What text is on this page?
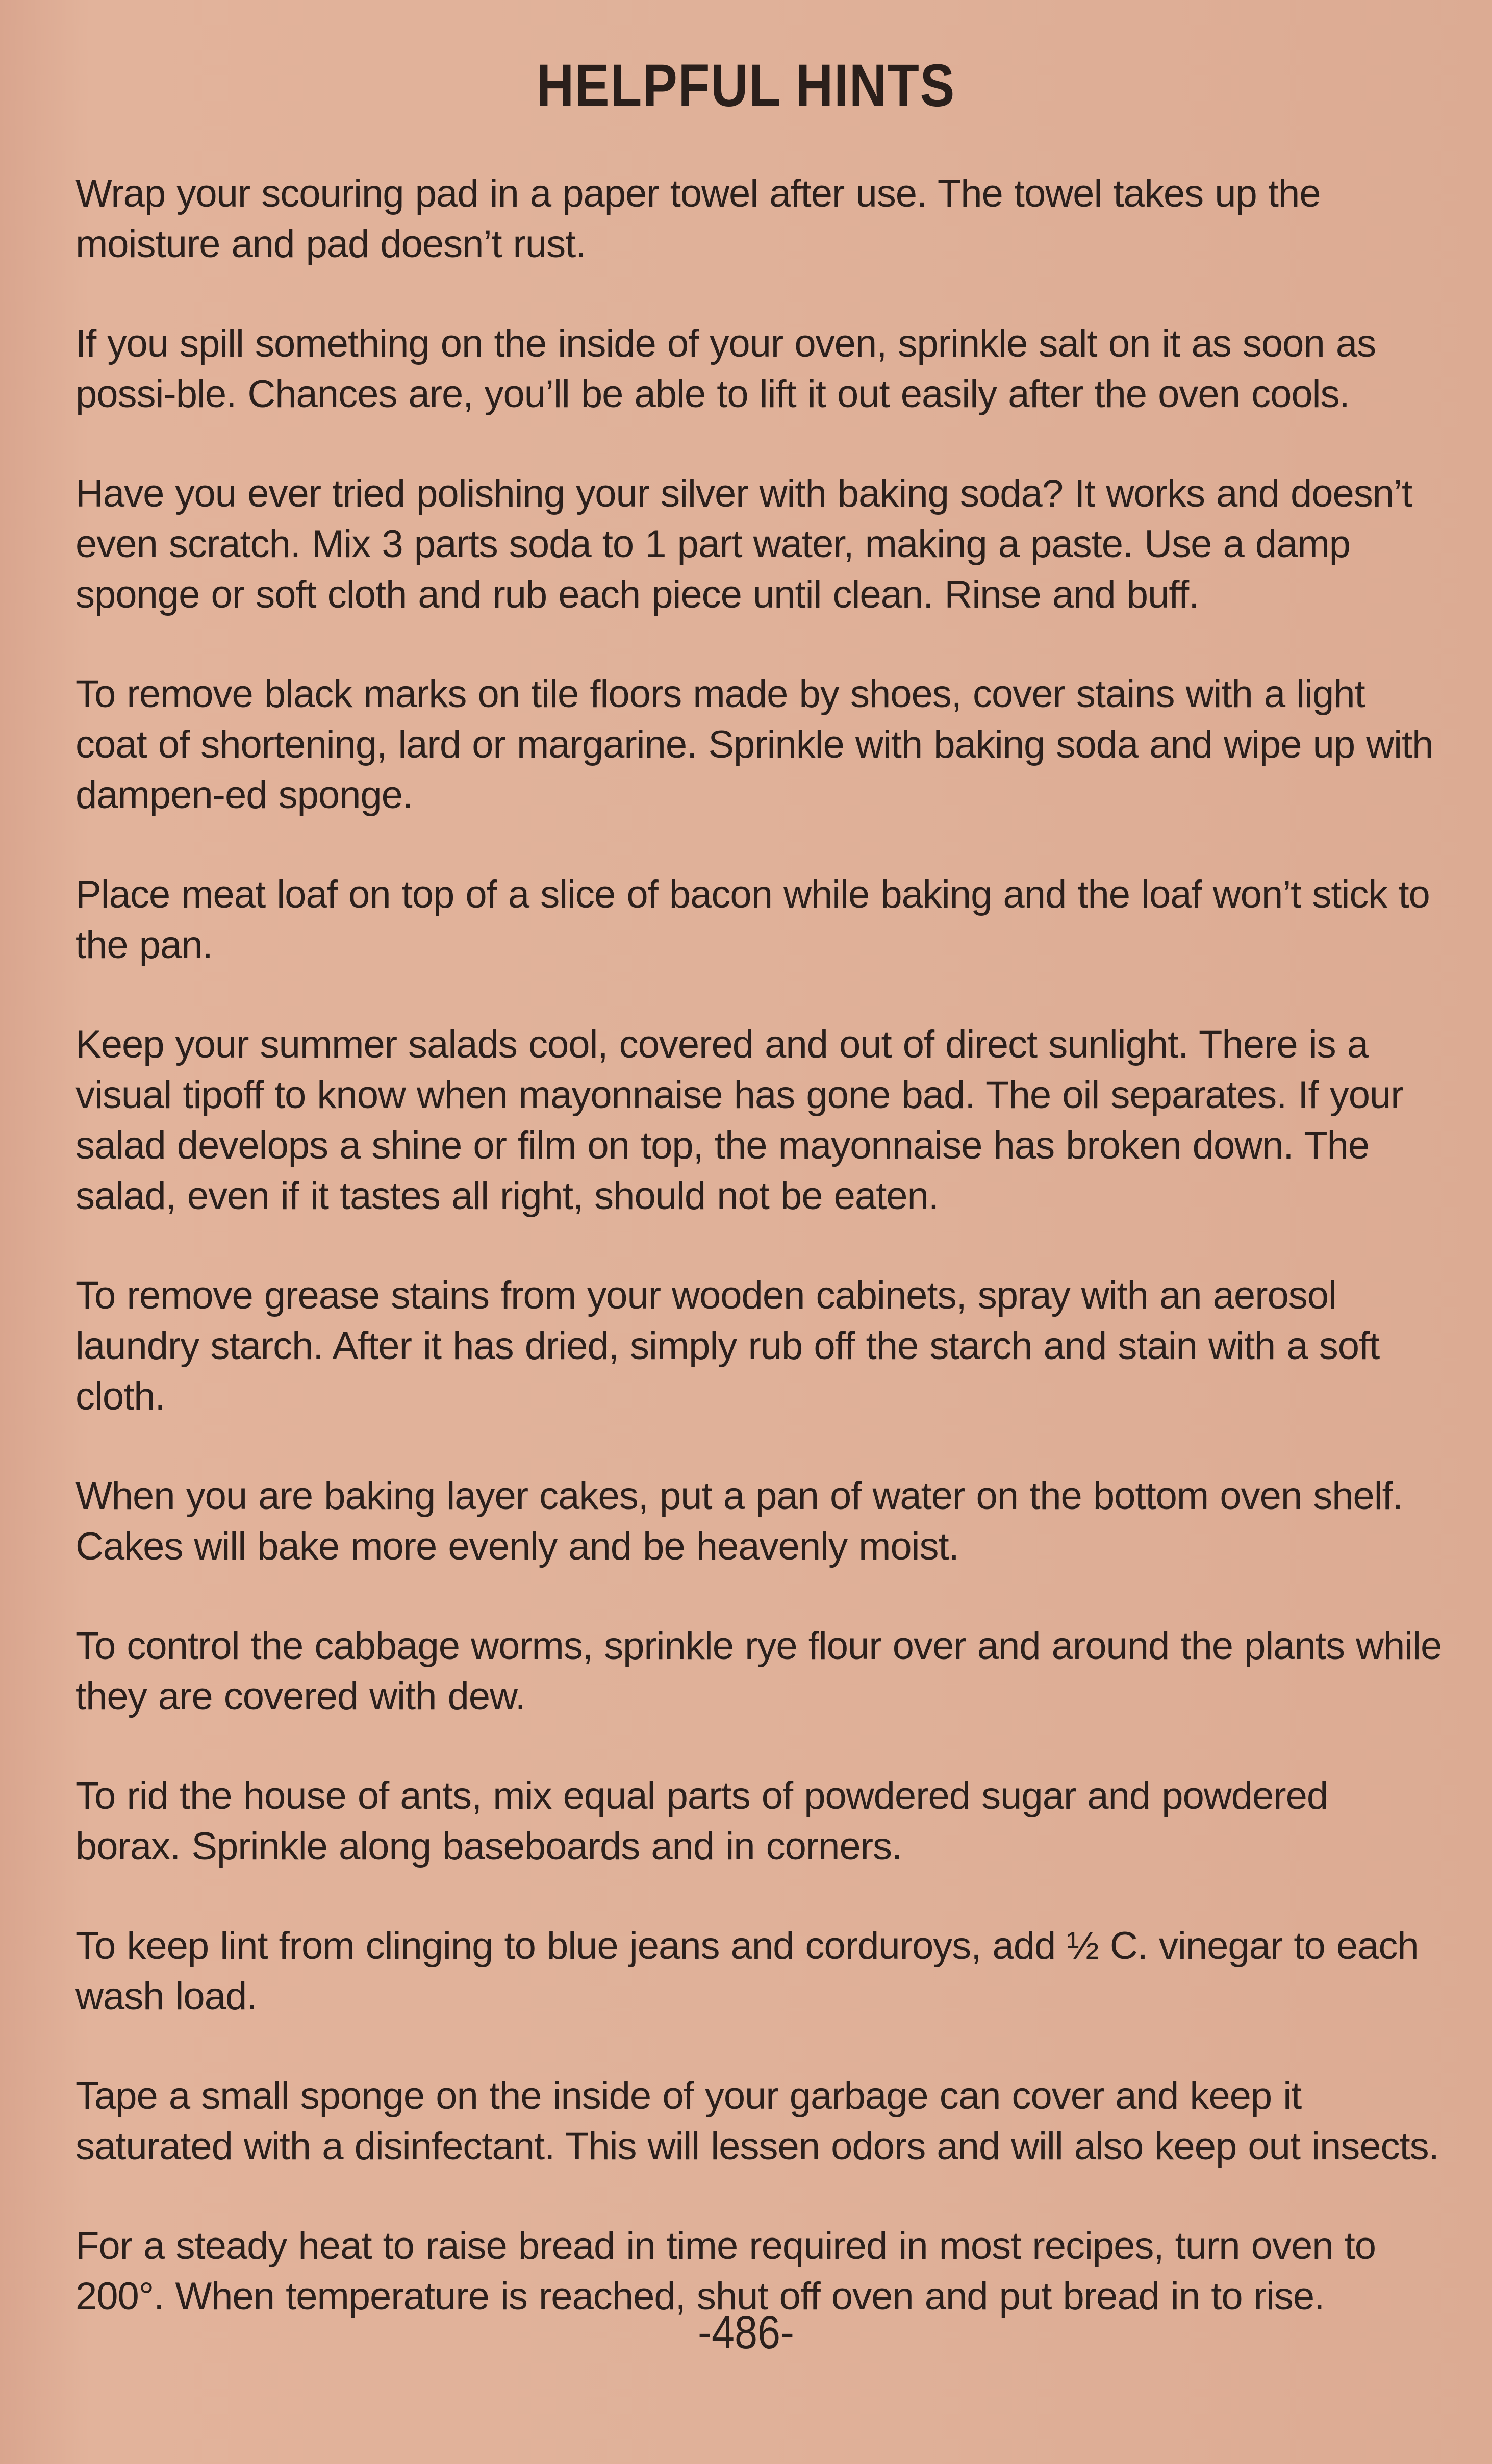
HELPFUL HINTS
Wrap your scouring pad in a paper towel after use. The towel takes up the moisture and pad doesn’t rust.
If you spill something on the inside of your oven, sprinkle salt on it as soon as possi-ble. Chances are, you’ll be able to lift it out easily after the oven cools.
Have you ever tried polishing your silver with baking soda? It works and doesn’t even scratch. Mix 3 parts soda to 1 part water, making a paste. Use a damp sponge or soft cloth and rub each piece until clean. Rinse and buff.
To remove black marks on tile floors made by shoes, cover stains with a light coat of shortening, lard or margarine. Sprinkle with baking soda and wipe up with dampen-ed sponge.
Place meat loaf on top of a slice of bacon while baking and the loaf won’t stick to the pan.
Keep your summer salads cool, covered and out of direct sunlight. There is a visual tipoff to know when mayonnaise has gone bad. The oil separates. If your salad develops a shine or film on top, the mayonnaise has broken down. The salad, even if it tastes all right, should not be eaten.
To remove grease stains from your wooden cabinets, spray with an aerosol laundry starch. After it has dried, simply rub off the starch and stain with a soft cloth.
When you are baking layer cakes, put a pan of water on the bottom oven shelf. Cakes will bake more evenly and be heavenly moist.
To control the cabbage worms, sprinkle rye flour over and around the plants while they are covered with dew.
To rid the house of ants, mix equal parts of powdered sugar and powdered borax. Sprinkle along baseboards and in corners.
To keep lint from clinging to blue jeans and corduroys, add ½ C. vinegar to each wash load.
Tape a small sponge on the inside of your garbage can cover and keep it saturated with a disinfectant. This will lessen odors and will also keep out insects.
For a steady heat to raise bread in time required in most recipes, turn oven to 200°. When temperature is reached, shut off oven and put bread in to rise.
-486-
